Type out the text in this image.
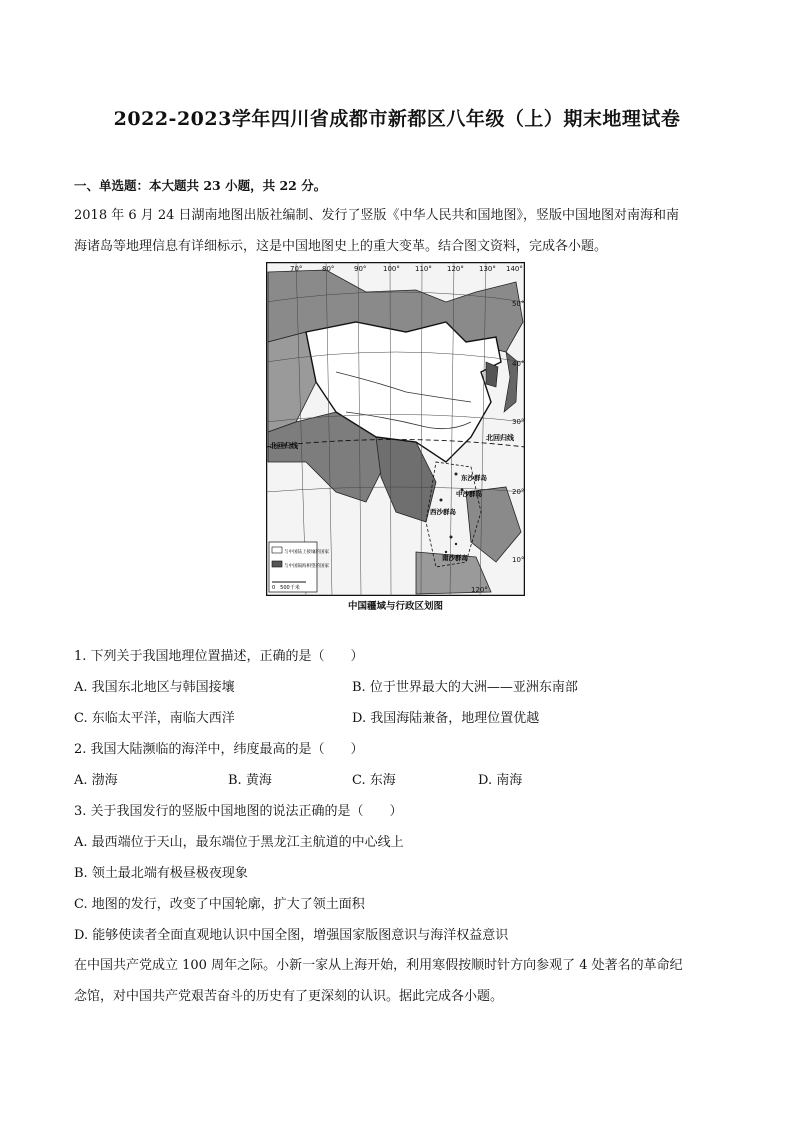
2022-2023学年四川省成都市新都区八年级（上）期末地理试卷
一、单选题：本大题共 23 小题，共 22 分。
2018 年 6 月 24 日湖南地图出版社编制、发行了竖版《中华人民共和国地图》，竖版中国地图对南海和南
海诸岛等地理信息有详细标示，这是中国地图史上的重大变革。结合图文资料，完成各小题。
70°	80°	90° 100° 110° 120° 130° 140°
50°
40°
30°
20°
10°
120°
北回归线
北回归线
东沙群岛
中沙群岛
西沙群岛
南沙群岛
与中国陆上接壤的国家
与中国隔海相望的国家
0　500千米
中国疆域与行政区划图
1. 下列关于我国地理位置描述，正确的是（　　）
A. 我国东北地区与韩国接壤	B. 位于世界最大的大洲——亚洲东南部
C. 东临太平洋，南临大西洋	D. 我国海陆兼备，地理位置优越
2. 我国大陆濒临的海洋中，纬度最高的是（　　）
A. 渤海	B. 黄海	C. 东海	D. 南海
3. 关于我国发行的竖版中国地图的说法正确的是（　　）
A. 最西端位于天山，最东端位于黑龙江主航道的中心线上
B. 领土最北端有极昼极夜现象
C. 地图的发行，改变了中国轮廓，扩大了领土面积
D. 能够使读者全面直观地认识中国全图，增强国家版图意识与海洋权益意识
在中国共产党成立 100 周年之际。小新一家从上海开始，利用寒假按顺时针方向参观了 4 处著名的革命纪
念馆，对中国共产党艰苦奋斗的历史有了更深刻的认识。据此完成各小题。
